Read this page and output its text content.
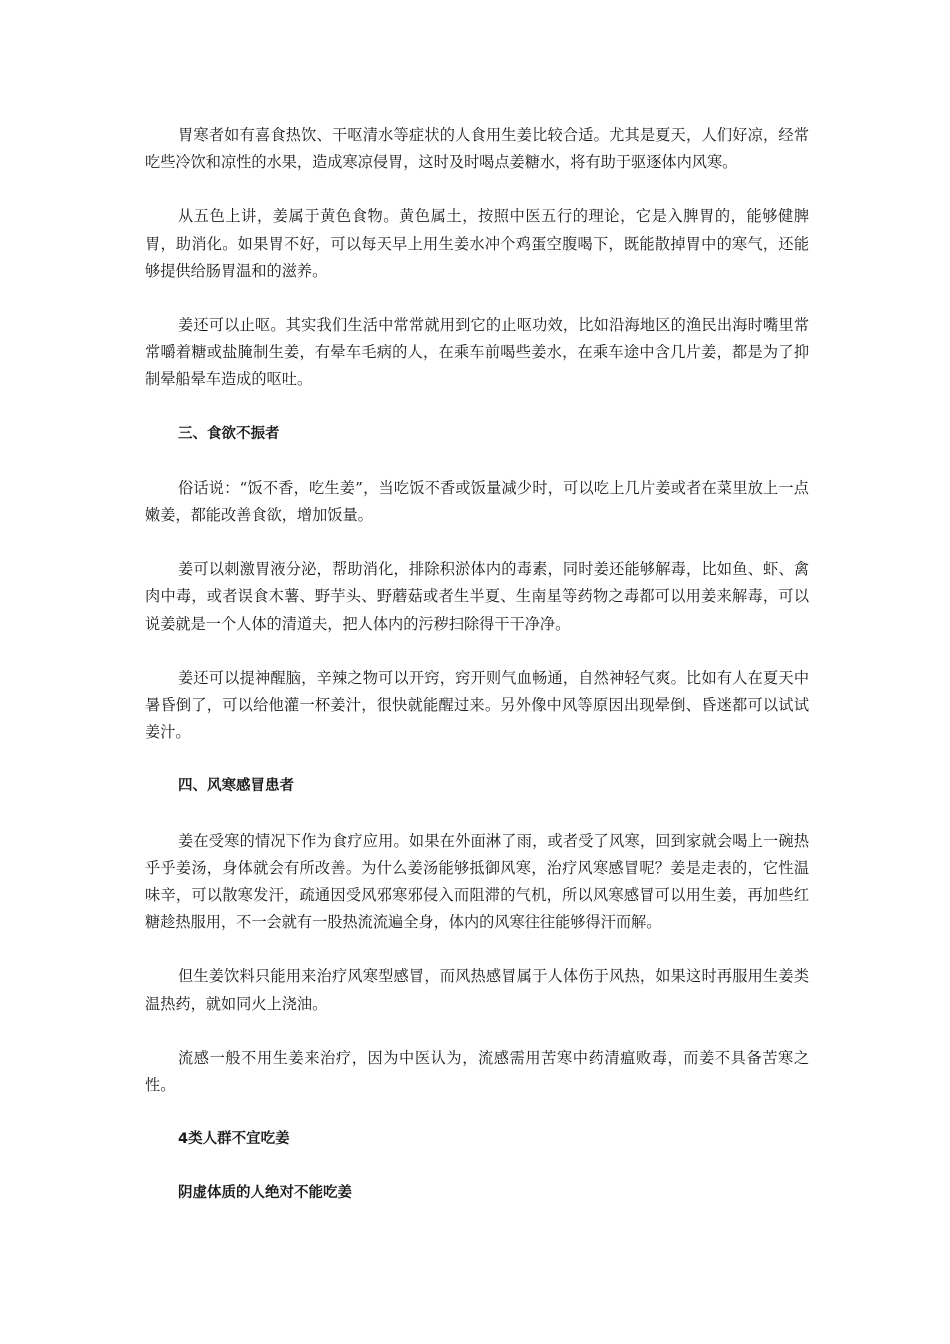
胃寒者如有喜食热饮、干呕清水等症状的人食用生姜比较合适。尤其是夏天，人们好凉，经常吃些冷饮和凉性的水果，造成寒凉侵胃，这时及时喝点姜糖水，将有助于驱逐体内风寒。

从五色上讲，姜属于黄色食物。黄色属土，按照中医五行的理论，它是入脾胃的，能够健脾胃，助消化。如果胃不好，可以每天早上用生姜水冲个鸡蛋空腹喝下，既能散掉胃中的寒气，还能够提供给肠胃温和的滋养。

姜还可以止呕。其实我们生活中常常就用到它的止呕功效，比如沿海地区的渔民出海时嘴里常常嚼着糖或盐腌制生姜，有晕车毛病的人，在乘车前喝些姜水，在乘车途中含几片姜，都是为了抑制晕船晕车造成的呕吐。

三、食欲不振者

俗话说：“饭不香，吃生姜”，当吃饭不香或饭量减少时，可以吃上几片姜或者在菜里放上一点嫩姜，都能改善食欲，增加饭量。

姜可以刺激胃液分泌，帮助消化，排除积淤体内的毒素，同时姜还能够解毒，比如鱼、虾、禽肉中毒，或者误食木薯、野芋头、野蘑菇或者生半夏、生南星等药物之毒都可以用姜来解毒，可以说姜就是一个人体的清道夫，把人体内的污秽扫除得干干净净。

姜还可以提神醒脑，辛辣之物可以开窍，窍开则气血畅通，自然神轻气爽。比如有人在夏天中暑昏倒了，可以给他灌一杯姜汁，很快就能醒过来。另外像中风等原因出现晕倒、昏迷都可以试试姜汁。

四、风寒感冒患者

姜在受寒的情况下作为食疗应用。如果在外面淋了雨，或者受了风寒，回到家就会喝上一碗热乎乎姜汤，身体就会有所改善。为什么姜汤能够抵御风寒，治疗风寒感冒呢？姜是走表的，它性温味辛，可以散寒发汗，疏通因受风邪寒邪侵入而阻滞的气机，所以风寒感冒可以用生姜，再加些红糖趁热服用，不一会就有一股热流流遍全身，体内的风寒往往能够得汗而解。

但生姜饮料只能用来治疗风寒型感冒，而风热感冒属于人体伤于风热，如果这时再服用生姜类温热药，就如同火上浇油。

流感一般不用生姜来治疗，因为中医认为，流感需用苦寒中药清瘟败毒，而姜不具备苦寒之性。

4类人群不宜吃姜

阴虚体质的人绝对不能吃姜
